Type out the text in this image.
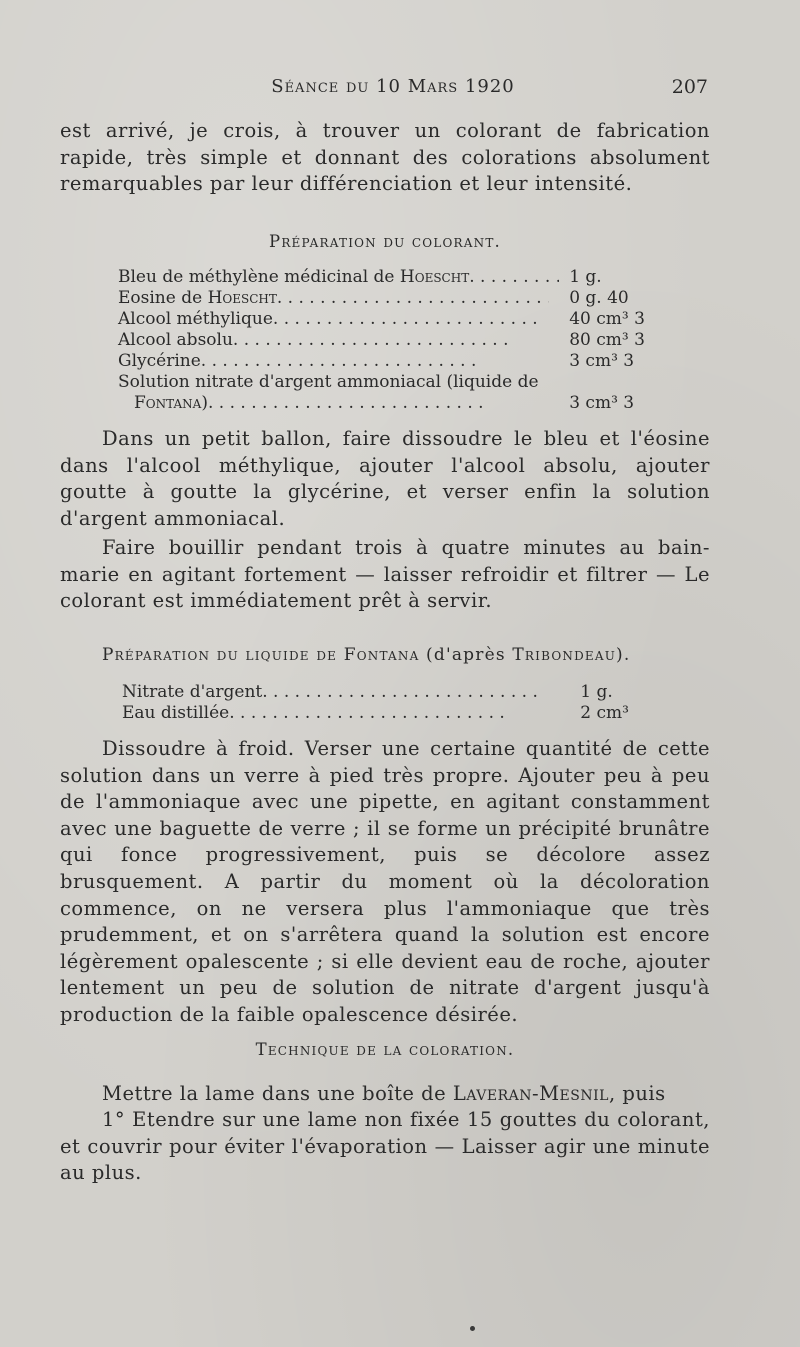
Séance du 10 Mars 1920	207
est arrivé, je crois, à trouver un colorant de fabrication rapide, très simple et donnant des colorations absolument remarquables par leur différenciation et leur intensité.
Préparation du colorant.
Bleu de méthylène médicinal de Hoescht. .	1 g.
Eosine de Hoescht. .	0 g. 40
Alcool méthylique. .	40 cm³ 3
Alcool absolu. .	80 cm³ 3
Glycérine. .	3 cm³ 3
Solution nitrate d'argent ammoniacal (liquide de	
Fontana). .	3 cm³ 3
Dans un petit ballon, faire dissoudre le bleu et l'éosine dans l'alcool méthylique, ajouter l'alcool absolu, ajouter goutte à goutte la glycérine, et verser enfin la solution d'argent ammoniacal.
Faire bouillir pendant trois à quatre minutes au bain-marie en agitant fortement — laisser refroidir et filtrer — Le colorant est immédiatement prêt à servir.
Préparation du liquide de Fontana (d'après Tribondeau).
Nitrate d'argent. .	1 g.
Eau distillée. .	2 cm³
Dissoudre à froid. Verser une certaine quantité de cette solution dans un verre à pied très propre. Ajouter peu à peu de l'ammoniaque avec une pipette, en agitant constamment avec une baguette de verre ; il se forme un précipité brunâtre qui fonce progressivement, puis se décolore assez brusquement. A partir du moment où la décoloration commence, on ne versera plus l'ammoniaque que très prudemment, et on s'arrêtera quand la solution est encore légèrement opalescente ; si elle devient eau de roche, ajouter lentement un peu de solution de nitrate d'argent jusqu'à production de la faible opalescence désirée.
Technique de la coloration.
Mettre la lame dans une boîte de Laveran-Mesnil, puis
1° Etendre sur une lame non fixée 15 gouttes du colorant, et couvrir pour éviter l'évaporation — Laisser agir une minute au plus.
